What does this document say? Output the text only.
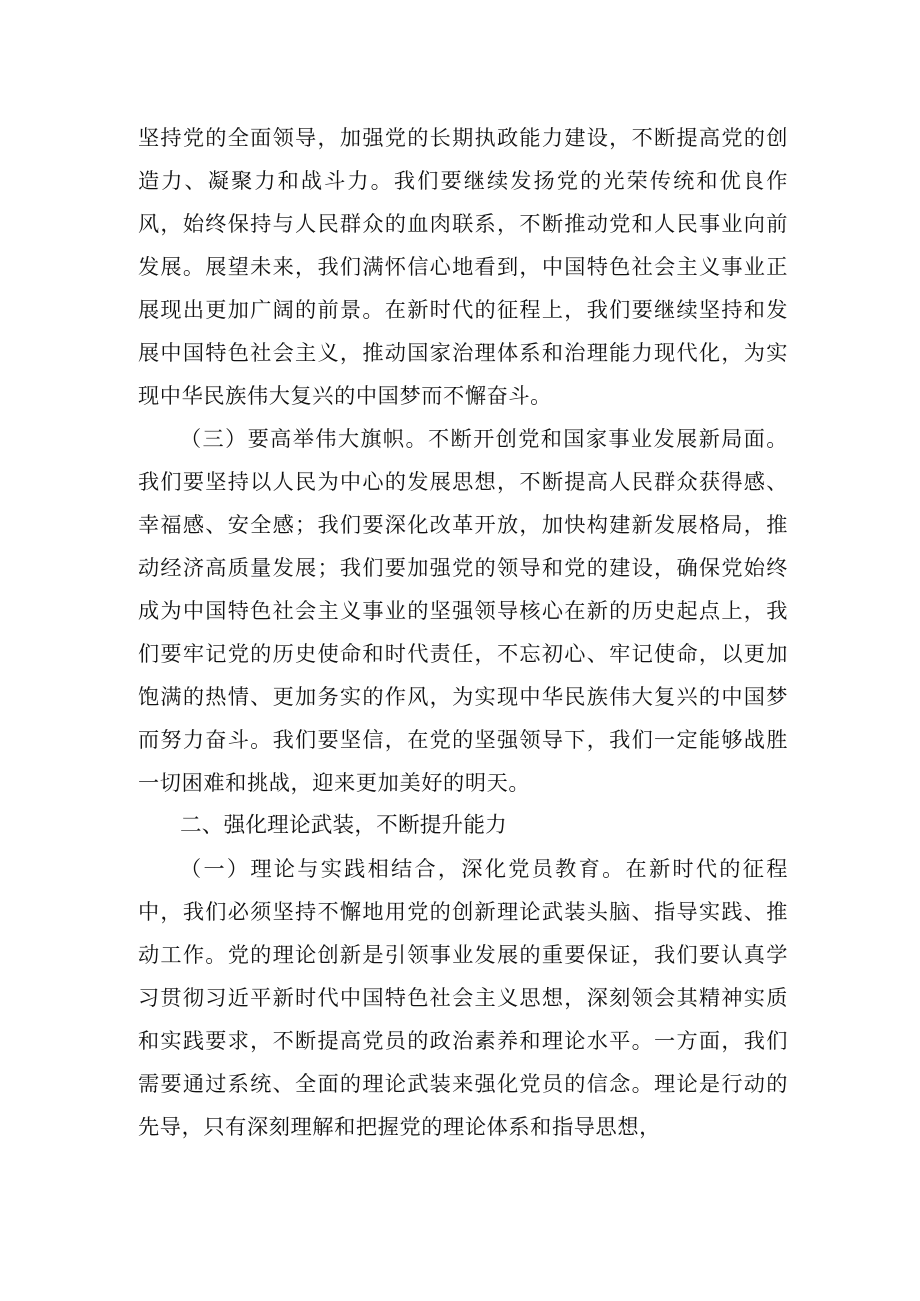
坚持党的全面领导，加强党的长期执政能力建设，不断提高党的创造力、凝聚力和战斗力。我们要继续发扬党的光荣传统和优良作风，始终保持与人民群众的血肉联系，不断推动党和人民事业向前发展。展望未来，我们满怀信心地看到，中国特色社会主义事业正展现出更加广阔的前景。在新时代的征程上，我们要继续坚持和发展中国特色社会主义，推动国家治理体系和治理能力现代化，为实现中华民族伟大复兴的中国梦而不懈奋斗。

（三）要高举伟大旗帜。不断开创党和国家事业发展新局面。我们要坚持以人民为中心的发展思想，不断提高人民群众获得感、幸福感、安全感；我们要深化改革开放，加快构建新发展格局，推动经济高质量发展；我们要加强党的领导和党的建设，确保党始终成为中国特色社会主义事业的坚强领导核心在新的历史起点上，我们要牢记党的历史使命和时代责任，不忘初心、牢记使命，以更加饱满的热情、更加务实的作风，为实现中华民族伟大复兴的中国梦而努力奋斗。我们要坚信，在党的坚强领导下，我们一定能够战胜一切困难和挑战，迎来更加美好的明天。

二、强化理论武装，不断提升能力

（一）理论与实践相结合，深化党员教育。在新时代的征程中，我们必须坚持不懈地用党的创新理论武装头脑、指导实践、推动工作。党的理论创新是引领事业发展的重要保证，我们要认真学习贯彻习近平新时代中国特色社会主义思想，深刻领会其精神实质和实践要求，不断提高党员的政治素养和理论水平。一方面，我们需要通过系统、全面的理论武装来强化党员的信念。理论是行动的先导，只有深刻理解和把握党的理论体系和指导思想，
